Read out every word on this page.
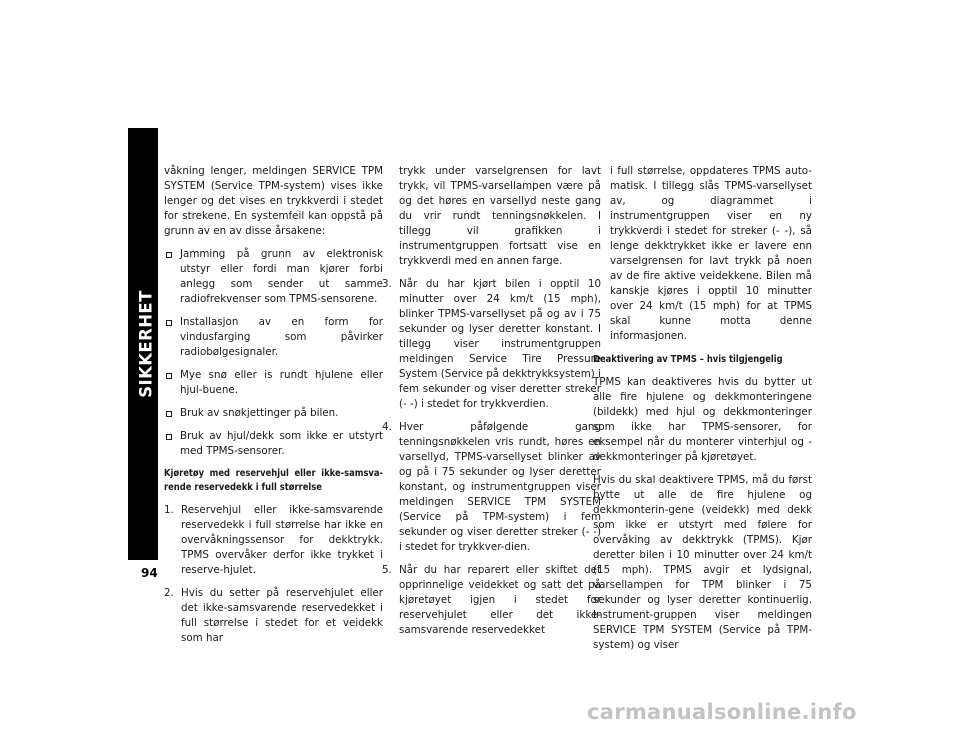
SIKKERHET
94

våkning lenger, meldingen SERVICE TPM SYSTEM (Service TPM-system) vises ikke lenger og det vises en trykkverdi i stedet for strekene. En systemfeil kan oppstå på grunn av en av disse årsakene:

Jamming på grunn av elektronisk utstyr eller fordi man kjører forbi anlegg som sender ut samme radiofrekvenser som TPMS-sensorene.
Installasjon av en form for vindusfarging som påvirker radiobølgesignaler.
Mye snø eller is rundt hjulene eller hjul-buene.
Bruk av snøkjettinger på bilen.
Bruk av hjul/dekk som ikke er utstyrt med TPMS-sensorer.
Kjøretøy med reservehjul eller ikke-samsva-rende reservedekk i full størrelse
1. Reservehjul eller ikke-samsvarende reservedekk i full størrelse har ikke en overvåkningssensor for dekktrykk. TPMS overvåker derfor ikke trykket i reserve-hjulet.
2. Hvis du setter på reservehjulet eller det ikke-samsvarende reservedekket i full størrelse i stedet for et veidekk som har

trykk under varselgrensen for lavt trykk, vil TPMS-varsellampen være på og det høres en varsellyd neste gang du vrir rundt tenningsnøkkelen. I tillegg vil grafikken i instrumentgruppen fortsatt vise en trykkverdi med en annen farge.

3. Når du har kjørt bilen i opptil 10 minutter over 24 km/t (15 mph), blinker TPMS-varsellyset på og av i 75 sekunder og lyser deretter konstant. I tillegg viser instrumentgruppen meldingen Service Tire Pressure System (Service på dekktrykksystem) i fem sekunder og viser deretter streker (- -) i stedet for trykkverdien.
4. Hver påfølgende gang tenningsnøkkelen vris rundt, høres en varsellyd, TPMS-varsellyset blinker av og på i 75 sekunder og lyser deretter konstant, og instrumentgruppen viser meldingen SERVICE TPM SYSTEM (Service på TPM-system) i fem sekunder og viser deretter streker (- -) i stedet for trykkver-dien.
5. Når du har reparert eller skiftet det opprinnelige veidekket og satt det på kjøretøyet igjen i stedet for reservehjulet eller det ikke-samsvarende reservedekket

i full størrelse, oppdateres TPMS auto-matisk. I tillegg slås TPMS-varsellyset av, og diagrammet i instrumentgruppen viser en ny trykkverdi i stedet for streker (- -), så lenge dekktrykket ikke er lavere enn varselgrensen for lavt trykk på noen av de fire aktive veidekkene. Bilen må kanskje kjøres i opptil 10 minutter over 24 km/t (15 mph) for at TPMS skal kunne motta denne informasjonen.

Deaktivering av TPMS – hvis tilgjengelig

TPMS kan deaktiveres hvis du bytter ut alle fire hjulene og dekkmonteringene (bildekk) med hjul og dekkmonteringer som ikke har TPMS-sensorer, for eksempel når du monterer vinterhjul og -dekkmonteringer på kjøretøyet.

Hvis du skal deaktivere TPMS, må du først bytte ut alle de fire hjulene og dekkmonterin-gene (veidekk) med dekk som ikke er utstyrt med følere for overvåking av dekktrykk (TPMS). Kjør deretter bilen i 10 minutter over 24 km/t (15 mph). TPMS avgir et lydsignal, varsellampen for TPM blinker i 75 sekunder og lyser deretter kontinuerlig. Instrument-gruppen viser meldingen SERVICE TPM SYSTEM (Service på TPM-system) og viser

carmanualsonline.info
